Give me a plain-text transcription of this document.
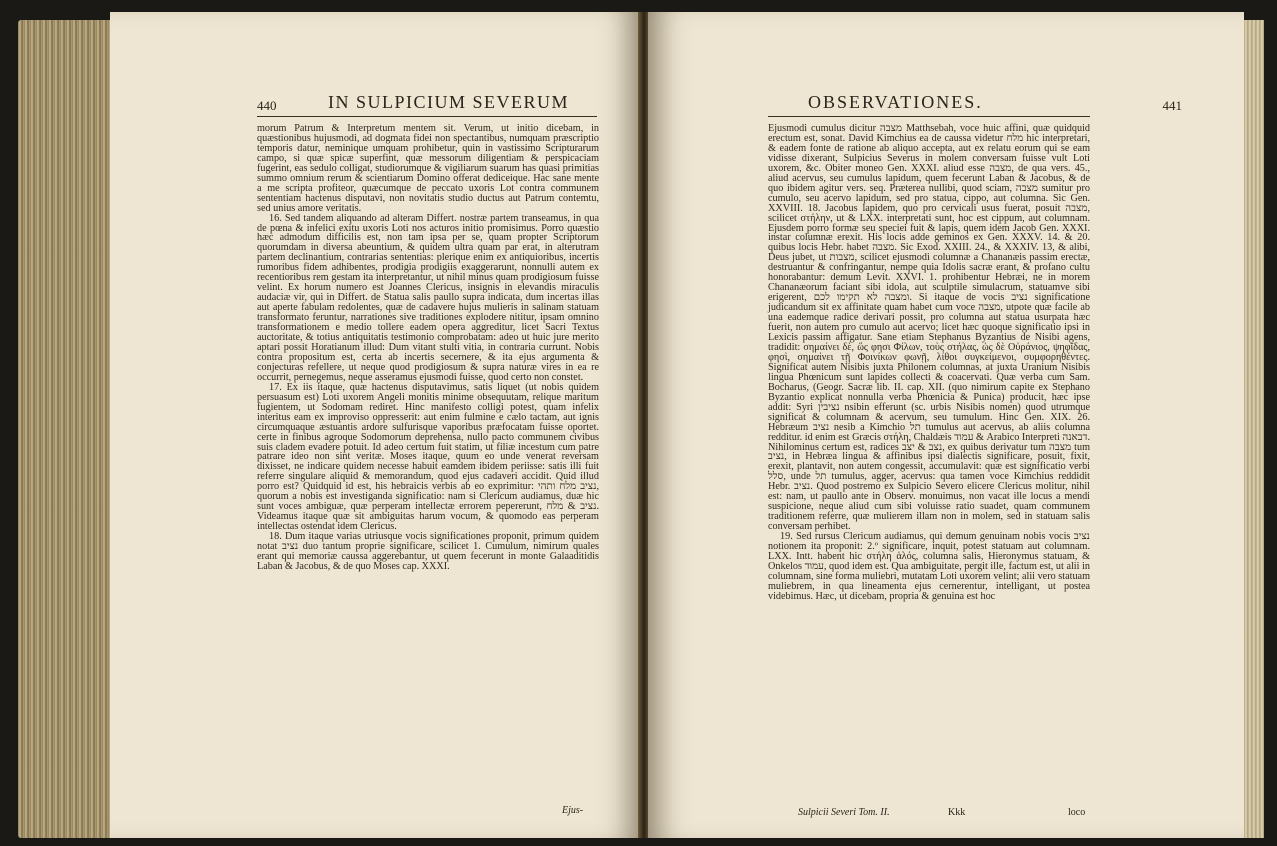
440	IN SULPICIUM SEVERUM

morum Patrum & Interpretum mentem sit. Verum, ut initio dicebam, in quæstionibus hujusmodi, ad dogmata fidei non spectantibus, numquam præscriptio temporis datur, neminique umquam prohibetur, quin in vastissimo Scripturarum campo, si quæ spicæ superfint, quæ messorum diligentiam & perspicaciam fugerint, eas sedulo colligat, studiorumque & vigiliarum suarum has quasi primitias summo omnium rerum & scientiarum Domino offerat dediceique. Hac sane mente a me scripta profiteor, quæcumque de peccato uxoris Lot contra communem sententiam hactenus disputavi, non novitatis studio ductus aut Patrum contemtu, sed unius amore veritatis.

16. Sed tandem aliquando ad alteram Differt. nostræ partem transeamus, in qua de pœna & infelici exitu uxoris Loti nos acturos initio promisimus. Porro quæstio hæc admodum difficilis est, non tam ipsa per se, quam propter Scriptorum quorumdam in diversa abeuntium, & quidem ultra quam par erat, in alterutram partem declinantium, contrarias sententias: plerique enim ex antiquioribus, incertis rumoribus fidem adhibentes, prodigia prodigiis exaggerarunt, nonnulli autem ex recentioribus rem gestam ita interpretantur, ut nihil minus quam prodigiosum fuisse velint. Ex horum numero est Joannes Clericus, insignis in elevandis miraculis audaciæ vir, qui in Differt. de Statua salis paullo supra indicata, dum incertas illas aut aperte fabulam redolentes, quæ de cadavere hujus mulieris in salinam statuam transformato feruntur, narrationes sive traditiones explodere nititur, ipsam omnino transformationem e medio tollere eadem opera aggreditur, licet Sacri Textus auctoritate, & totius antiquitatis testimonio comprobatam: adeo ut huic jure merito aptari possit Horatianum illud: Dum vitant stulti vitia, in contraria currunt. Nobis contra propositum est, certa ab incertis secernere, & ita ejus argumenta & conjecturas refellere, ut neque quod prodigiosum & supra naturæ vires in ea re occurrit, pernegemus, neque asseramus ejusmodi fuisse, quod certo non constet.

17. Ex iis itaque, quæ hactenus disputavimus, satis liquet (ut nobis quidem persuasum est) Loti uxorem Angeli monitis minime obsequutam, relique maritum fugientem, ut Sodomam rediret. Hinc manifesto colligi potest, quam infelix interitus eam ex improviso oppresserit: aut enim fulmine e cælo tactam, aut ignis circumquaque æstuantis ardore sulfurisque vaporibus præfocatam fuisse oportet. certe in finibus agroque Sodomorum deprehensa, nullo pacto communem civibus suis cladem evadere potuit. Id adeo certum fuit statim, ut filiæ incestum cum patre patrare ideo non sint veritæ. Moses itaque, quum eo unde venerat reversam dixisset, ne indicare quidem necesse habuit eamdem ibidem periisse: satis illi fuit referre singulare aliquid & memorandum, quod ejus cadaveri accidit. Quid illud porro est? Quidquid id est, his hebraicis verbis ab eo exprimitur: נציב מלח ותהי, quorum a nobis est investiganda significatio: nam si Clericum audiamus, duæ hic sunt voces ambiguæ, quæ perperam intellectæ errorem pepererunt, נציב & מלח. Videamus itaque quæ sit ambiguitas harum vocum, & quomodo eas perperam intellectas ostendat idem Clericus.

18. Dum itaque varias utriusque vocis significationes proponit, primum quidem notat נציב duo tantum proprie significare, scilicet 1. Cumulum, nimirum quales erant qui memoriæ caussa aggerebantur, ut quem fecerunt in monte Galaaditidis Laban & Jacobus, & de quo Moses cap. XXXI.

Ejus-
OBSERVATIONES.	441

Ejusmodi cumulus dicitur מצבה Matthsebah, voce huic affini, quæ quidquid erectum est, sonat. David Kimchius ea de caussa videtur מלח hic interpretari, & eadem fonte de ratione ab aliquo accepta, aut ex relatu eorum qui se eam vidisse dixerant, Sulpicius Severus in molem conversam fuisse vult Loti uxorem, &c. Obiter moneo Gen. XXXI. aliud esse מצבה, de qua vers. 45., aliud acervus, seu cumulus lapidum, quem fecerunt Laban & Jacobus, & de quo ibidem agitur vers. seq. Præterea nullibi, quod sciam, מצבה sumitur pro cumulo, seu acervo lapidum, sed pro statua, cippo, aut columna. Sic Gen. XXVIII. 18. Jacobus lapidem, quo pro cervicali usus fuerat, posuit מצבה, scilicet στήλην, ut & LXX. interpretati sunt, hoc est cippum, aut columnam. Ejusdem porro formæ seu speciei fuit & lapis, quem idem Jacob Gen. XXXI. instar columnæ erexit. His locis adde geminos ex Gen. XXXV. 14. & 20. quibus locis Hebr. habet מצבה. Sic Exod. XXIII. 24., & XXXIV. 13, & alibi, Deus jubet, ut מצבות, scilicet ejusmodi columnæ a Chananæis passim erectæ, destruantur & confringantur, nempe quia Idolis sacræ erant, & profano cultu honorabantur: demum Levit. XXVI. 1. prohibentur Hebræi, ne in morem Chananæorum faciant sibi idola, aut sculptile simulacrum, statuamve sibi erigerent, ומצבה לא תקימו לכם. Si itaque de vocis נציב significatione judicandum sit ex affinitate quam habet cum voce מצבה, utpote quæ facile ab una eademque radice derivari possit, pro columna aut statua usurpata hæc fuerit, non autem pro cumulo aut acervo; licet hæc quoque significatio ipsi in Lexicis passim affigatur. Sane etiam Stephanus Byzantius de Nisibi agens, tradidit: σημαίνει δὲ, ὥς φησι Φίλων, τοὺς στήλας, ὡς δὲ Οὐράνιος, ψηφῖδας, φησὶ, σημαίνει τῇ Φοινίκων φωνῇ, λίθοι συγκείμενοι, συμφορηθέντες. Significat autem Nisibis juxta Philonem columnas, at juxta Uranium Nisibis lingua Phœnicum sunt lapides collecti & coacervati. Quæ verba cum Sam. Bocharus, (Geogr. Sacræ lib. II. cap. XII. (quo nimirum capite ex Stephano Byzantio explicat nonnulla verba Phœnicia & Punica) producit, hæc ipse addit: Syri נציבין nsibin efferunt (sc. urbis Nisibis nomen) quod utrumque significat & columnam & acervum, seu tumulum. Hinc Gen. XIX. 26. Hebræum נציב nesib a Kimchio תל tumulus aut acervus, ab aliis columna redditur. id enim est Græcis στήλη, Chaldæis עמוד & Arabico Interpreti דבאנה. Nihilominus certum est, radices נצב & יצב, ex quibus derivatur tum מצבה tum נציב, in Hebræa lingua & affinibus ipsi dialectis significare, posuit, fixit, erexit, plantavit, non autem congessit, accumulavit: quæ est significatio verbi סלל, unde תל tumulus, agger, acervus: qua tamen voce Kimchius reddidit Hebr. נציב. Quod postremo ex Sulpicio Severo elicere Clericus molitur, nihil est: nam, ut paullo ante in Observ. monuimus, non vacat ille locus a mendi suspicione, neque aliud cum sibi voluisse ratio suadet, quam communem traditionem referre, quæ mulierem illam non in molem, sed in statuam salis conversam perhibet.

19. Sed rursus Clericum audiamus, qui demum genuinam nobis vocis נציב notionem ita proponit: 2.º significare, inquit, potest statuam aut columnam. LXX. Intt. habent hic στήλη ἁλός, columna salis, Hieronymus statuam, & Onkelos עמוד, quod idem est. Qua ambiguitate, pergit ille, factum est, ut alii in columnam, sine forma muliebri, mutatam Loti uxorem velint; alii vero statuam muliebrem, in qua lineamenta ejus cernerentur, intelligant, ut postea videbimus. Hæc, ut dicebam, propria & genuina est hoc

Sulpicii Severi Tom. II.	Kkk	loco
